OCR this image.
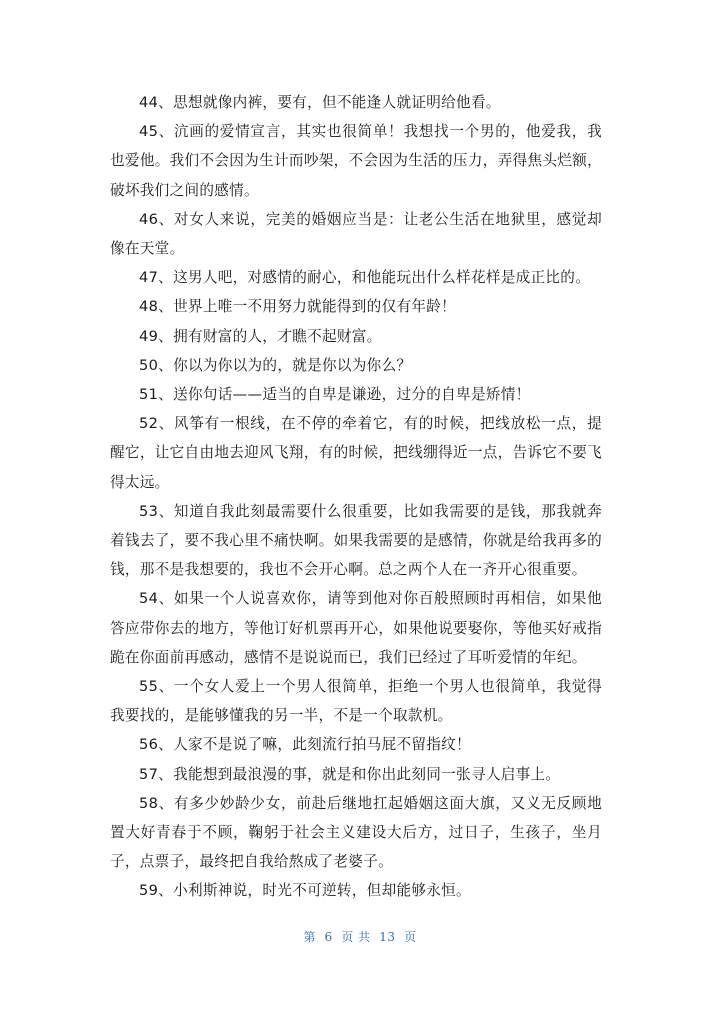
44、思想就像内裤，要有，但不能逢人就证明给他看。

45、沆画的爱情宣言，其实也很简单！我想找一个男的，他爱我，我也爱他。我们不会因为生计而吵架，不会因为生活的压力，弄得焦头烂额，破坏我们之间的感情。

46、对女人来说，完美的婚姻应当是：让老公生活在地狱里，感觉却像在天堂。

47、这男人吧，对感情的耐心，和他能玩出什么样花样是成正比的。

48、世界上唯一不用努力就能得到的仅有年龄！

49、拥有财富的人，才瞧不起财富。

50、你以为你以为的，就是你以为你么？

51、送你句话——适当的自卑是谦逊，过分的自卑是矫情！

52、风筝有一根线，在不停的牵着它，有的时候，把线放松一点，提醒它，让它自由地去迎风飞翔，有的时候，把线绷得近一点，告诉它不要飞得太远。

53、知道自我此刻最需要什么很重要，比如我需要的是钱，那我就奔着钱去了，要不我心里不痛快啊。如果我需要的是感情，你就是给我再多的钱，那不是我想要的，我也不会开心啊。总之两个人在一齐开心很重要。

54、如果一个人说喜欢你，请等到他对你百般照顾时再相信，如果他答应带你去的地方，等他订好机票再开心，如果他说要娶你，等他买好戒指跪在你面前再感动，感情不是说说而已，我们已经过了耳听爱情的年纪。

55、一个女人爱上一个男人很简单，拒绝一个男人也很简单，我觉得我要找的，是能够懂我的另一半，不是一个取款机。

56、人家不是说了嘛，此刻流行拍马屁不留指纹！

57、我能想到最浪漫的事，就是和你出此刻同一张寻人启事上。

58、有多少妙龄少女，前赴后继地扛起婚姻这面大旗，又义无反顾地置大好青春于不顾，鞠躬于社会主义建设大后方，过日子，生孩子，坐月子，点票子，最终把自我给熬成了老婆子。

59、小利斯神说，时光不可逆转，但却能够永恒。

第  6  页 共  13  页
